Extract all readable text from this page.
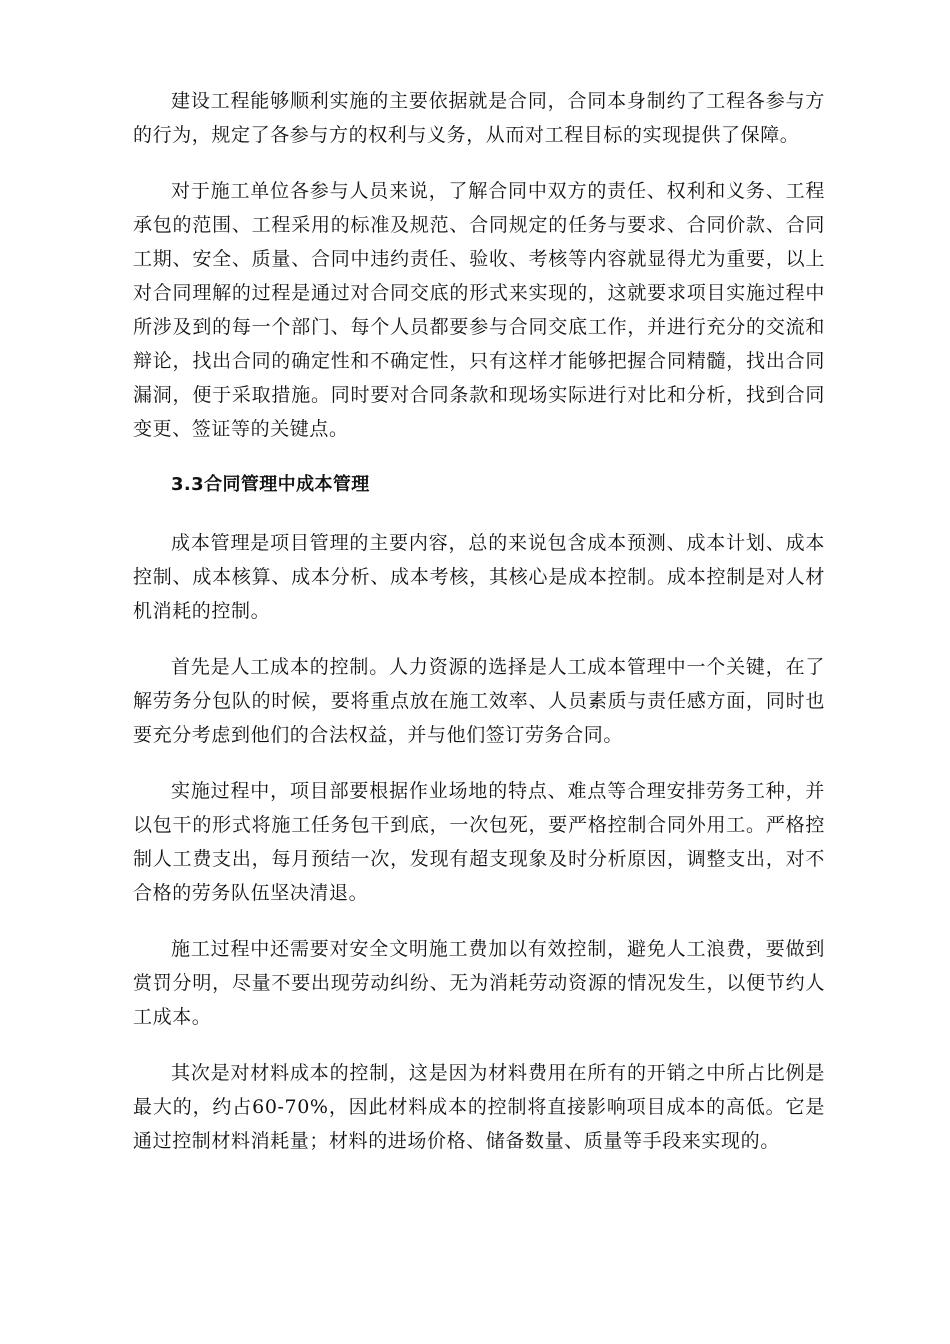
建设工程能够顺利实施的主要依据就是合同，合同本身制约了工程各参与方的行为，规定了各参与方的权利与义务，从而对工程目标的实现提供了保障。

对于施工单位各参与人员来说，了解合同中双方的责任、权利和义务、工程承包的范围、工程采用的标准及规范、合同规定的任务与要求、合同价款、合同工期、安全、质量、合同中违约责任、验收、考核等内容就显得尤为重要，以上对合同理解的过程是通过对合同交底的形式来实现的，这就要求项目实施过程中所涉及到的每一个部门、每个人员都要参与合同交底工作，并进行充分的交流和辩论，找出合同的确定性和不确定性，只有这样才能够把握合同精髓，找出合同漏洞，便于采取措施。同时要对合同条款和现场实际进行对比和分析，找到合同变更、签证等的关键点。

3.3合同管理中成本管理

成本管理是项目管理的主要内容，总的来说包含成本预测、成本计划、成本控制、成本核算、成本分析、成本考核，其核心是成本控制。成本控制是对人材机消耗的控制。

首先是人工成本的控制。人力资源的选择是人工成本管理中一个关键，在了解劳务分包队的时候，要将重点放在施工效率、人员素质与责任感方面，同时也要充分考虑到他们的合法权益，并与他们签订劳务合同。

实施过程中，项目部要根据作业场地的特点、难点等合理安排劳务工种，并以包干的形式将施工任务包干到底，一次包死，要严格控制合同外用工。严格控制人工费支出，每月预结一次，发现有超支现象及时分析原因，调整支出，对不合格的劳务队伍坚决清退。

施工过程中还需要对安全文明施工费加以有效控制，避免人工浪费，要做到赏罚分明，尽量不要出现劳动纠纷、无为消耗劳动资源的情况发生，以便节约人工成本。

其次是对材料成本的控制，这是因为材料费用在所有的开销之中所占比例是最大的，约占60-70%，因此材料成本的控制将直接影响项目成本的高低。它是通过控制材料消耗量；材料的进场价格、储备数量、质量等手段来实现的。
